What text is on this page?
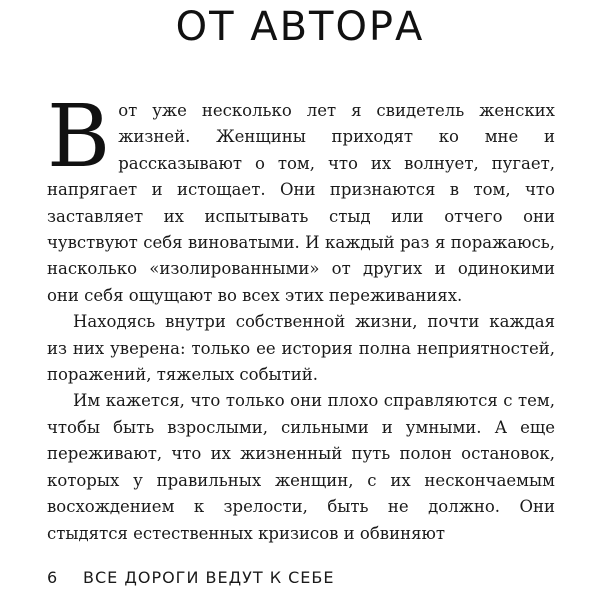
ОТ АВТОРА

Вот уже несколько лет я свидетель женских жизней. Женщины приходят ко мне и рассказывают о том, что их волнует, пугает, напрягает и истощает. Они признаются в том, что заставляет их испытывать стыд или отчего они чувствуют себя виноватыми. И каждый раз я поражаюсь, насколько «изолированными» от других и одинокими они себя ощущают во всех этих переживаниях.

Находясь внутри собственной жизни, почти каждая из них уверена: только ее история полна неприятностей, поражений, тяжелых событий.

Им кажется, что только они плохо справляются с тем, чтобы быть взрослыми, сильными и умными. А еще переживают, что их жизненный путь полон остановок, которых у правильных женщин, с их нескончаемым восхождением к зрелости, быть не должно. Они стыдятся естественных кризисов и обвиняют

6 ВСЕ ДОРОГИ ВЕДУТ К СЕБЕ
